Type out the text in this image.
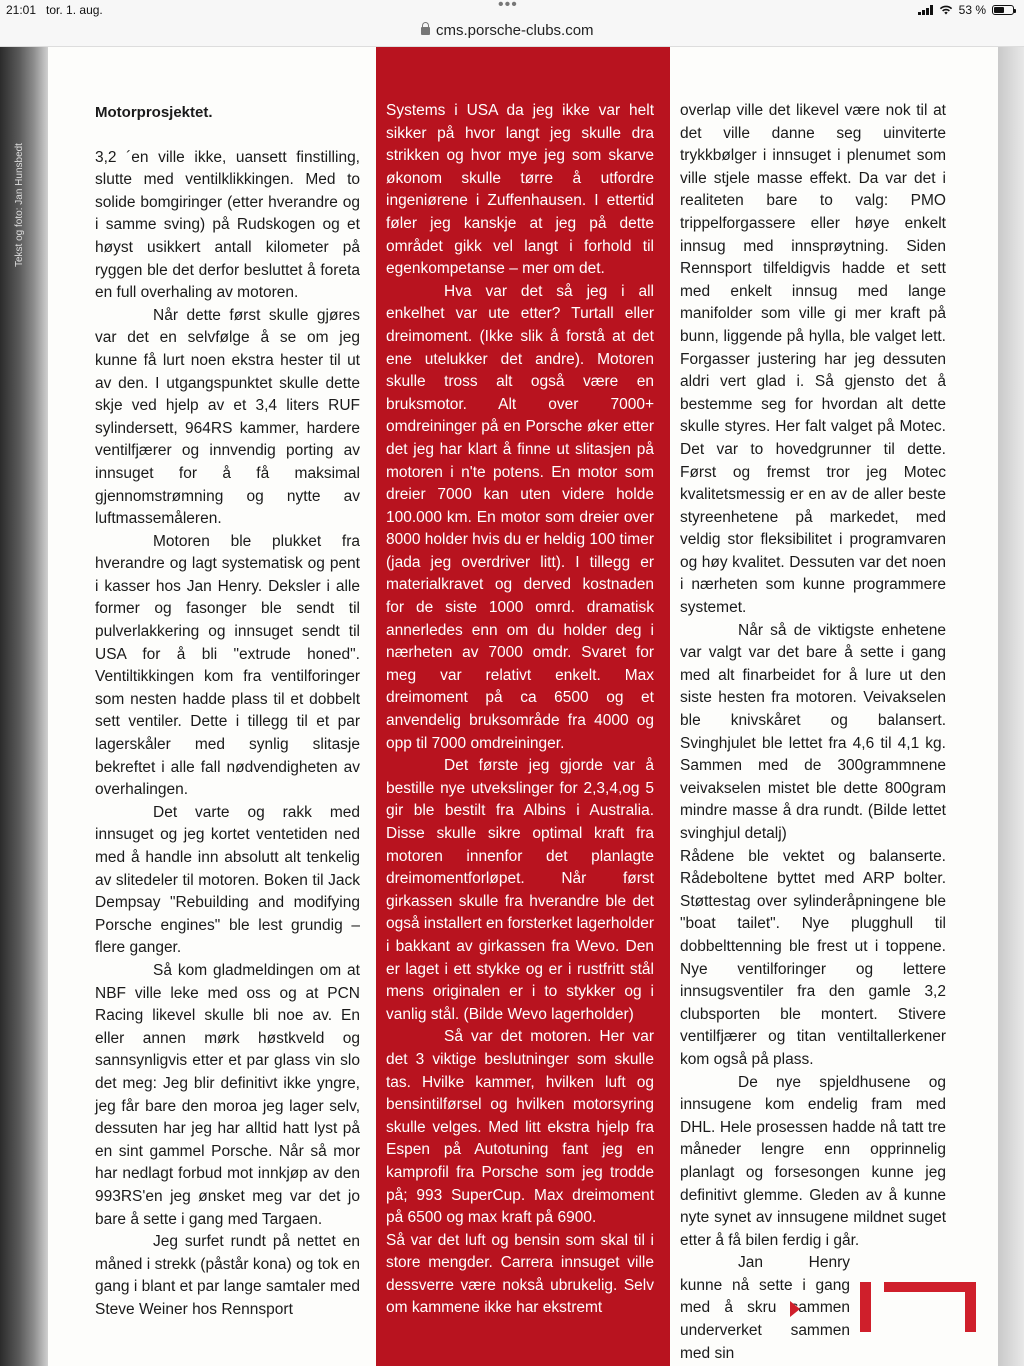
21:01 tor. 1. aug.	•••	53 %
cms.porsche-clubs.com
Tekst og foto: Jan Hunsbedt

Motorprosjektet.

3,2 ´en ville ikke, uansett finstilling, slutte med ventilklikkingen. Med to solide bomgiringer (etter hverandre og i samme sving) på Rudskogen og et høyst usikkert antall kilometer på ryggen ble det derfor besluttet å foreta en full overhaling av motoren.

Når dette først skulle gjøres var det en selvfølge å se om jeg kunne få lurt noen ekstra hester til ut av den. I utgangspunktet skulle dette skje ved hjelp av et 3,4 liters RUF sylindersett, 964RS kammer, hardere ventilfjærer og innvendig porting av innsuget for å få maksimal gjennomstrømning og nytte av luftmassemåleren.

Motoren ble plukket fra hverandre og lagt systematisk og pent i kasser hos Jan Henry. Deksler i alle former og fasonger ble sendt til pulverlakkering og innsuget sendt til USA for å bli "extrude honed". Ventiltikkingen kom fra ventilforinger som nesten hadde plass til et dobbelt sett ventiler. Dette i tillegg til et par lagerskåler med synlig slitasje bekreftet i alle fall nødvendigheten av overhalingen.

Det varte og rakk med innsuget og jeg kortet ventetiden ned med å handle inn absolutt alt tenkelig av slitedeler til motoren. Boken til Jack Dempsay "Rebuilding and modifying Porsche engines" ble lest grundig – flere ganger.

Så kom gladmeldingen om at NBF ville leke med oss og at PCN Racing likevel skulle bli noe av. En eller annen mørk høstkveld og sannsynligvis etter et par glass vin slo det meg: Jeg blir definitivt ikke yngre, jeg får bare den moroa jeg lager selv, dessuten har jeg har alltid hatt lyst på en sint gammel Porsche. Når så mor har nedlagt forbud mot innkjøp av den 993RS'en jeg ønsket meg var det jo bare å sette i gang med Targaen.

Jeg surfet rundt på nettet en måned i strekk (påstår kona) og tok en gang i blant et par lange samtaler med Steve Weiner hos Rennsport

Systems i USA da jeg ikke var helt sikker på hvor langt jeg skulle dra strikken og hvor mye jeg som skarve økonom skulle tørre å utfordre ingeniørene i Zuffenhausen. I ettertid føler jeg kanskje at jeg på dette området gikk vel langt i forhold til egenkompetanse – mer om det.

Hva var det så jeg i all enkelhet var ute etter? Turtall eller dreimoment. (Ikke slik å forstå at det ene utelukker det andre). Motoren skulle tross alt også være en bruksmotor. Alt over 7000+ omdreininger på en Porsche øker etter det jeg har klart å finne ut slitasjen på motoren i n'te potens. En motor som dreier 7000 kan uten videre holde 100.000 km. En motor som dreier over 8000 holder hvis du er heldig 100 timer (jada jeg overdriver litt). I tillegg er materialkravet og derved kostnaden for de siste 1000 omrd. dramatisk annerledes enn om du holder deg i nærheten av 7000 omdr. Svaret for meg var relativt enkelt. Max dreimoment på ca 6500 og et anvendelig bruksområde fra 4000 og opp til 7000 omdreininger.

Det første jeg gjorde var å bestille nye utvekslinger for 2,3,4,og 5 gir ble bestilt fra Albins i Australia. Disse skulle sikre optimal kraft fra motoren innenfor det planlagte dreimomentforløpet. Når først girkassen skulle fra hverandre ble det også installert en forsterket lagerholder i bakkant av girkassen fra Wevo. Den er laget i ett stykke og er i rustfritt stål mens originalen er i to stykker og i vanlig stål. (Bilde Wevo lagerholder)

Så var det motoren. Her var det 3 viktige beslutninger som skulle tas. Hvilke kammer, hvilken luft og bensintilførsel og hvilken motorsyring skulle velges. Med litt ekstra hjelp fra Espen på Autotuning fant jeg en kamprofil fra Porsche som jeg trodde på; 993 SuperCup. Max dreimoment på 6500 og max kraft på 6900.

Så var det luft og bensin som skal til i store mengder. Carrera innsuget ville dessverre være nokså ubrukelig. Selv om kammene ikke har ekstremt

overlap ville det likevel være nok til at det ville danne seg uinviterte trykkbølger i innsuget i plenumet som ville stjele masse effekt. Da var det i realiteten bare to valg: PMO trippelforgassere eller høye enkelt innsug med innsprøytning. Siden Rennsport tilfeldigvis hadde et sett med enkelt innsug med lange manifolder som ville gi mer kraft på bunn, liggende på hylla, ble valget lett. Forgasser justering har jeg dessuten aldri vert glad i. Så gjensto det å bestemme seg for hvordan alt dette skulle styres. Her falt valget på Motec. Det var to hovedgrunner til dette. Først og fremst tror jeg Motec kvalitetsmessig er en av de aller beste styreenhetene på markedet, med veldig stor fleksibilitet i programvaren og høy kvalitet. Dessuten var det noen i nærheten som kunne programmere systemet.

Når så de viktigste enhetene var valgt var det bare å sette i gang med alt finarbeidet for å lure ut den siste hesten fra motoren. Veivakselen ble knivskåret og balansert. Svinghjulet ble lettet fra 4,6 til 4,1 kg. Sammen med de 300grammnene veivakselen mistet ble dette 800gram mindre masse å dra rundt. (Bilde lettet svinghjul detalj)

Rådene ble vektet og balanserte. Rådeboltene byttet med ARP bolter. Støttestag over sylinderåpningene ble "boat tailet". Nye plugghull til dobbelttenning ble frest ut i toppene. Nye ventilforinger og lettere innsugsventiler fra den gamle 3,2 clubsporten ble montert. Stivere ventilfjærer og titan ventiltallerkener kom også på plass.

De nye spjeldhusene og innsugene kom endelig fram med DHL. Hele prosessen hadde nå tatt tre måneder lengre enn opprinnelig planlagt og forsesongen kunne jeg definitivt glemme. Gleden av å kunne nyte synet av innsugene mildnet suget etter å få bilen ferdig i går.

Jan Henry kunne nå sette i gang med å skru sammen underverket sammen med sin
